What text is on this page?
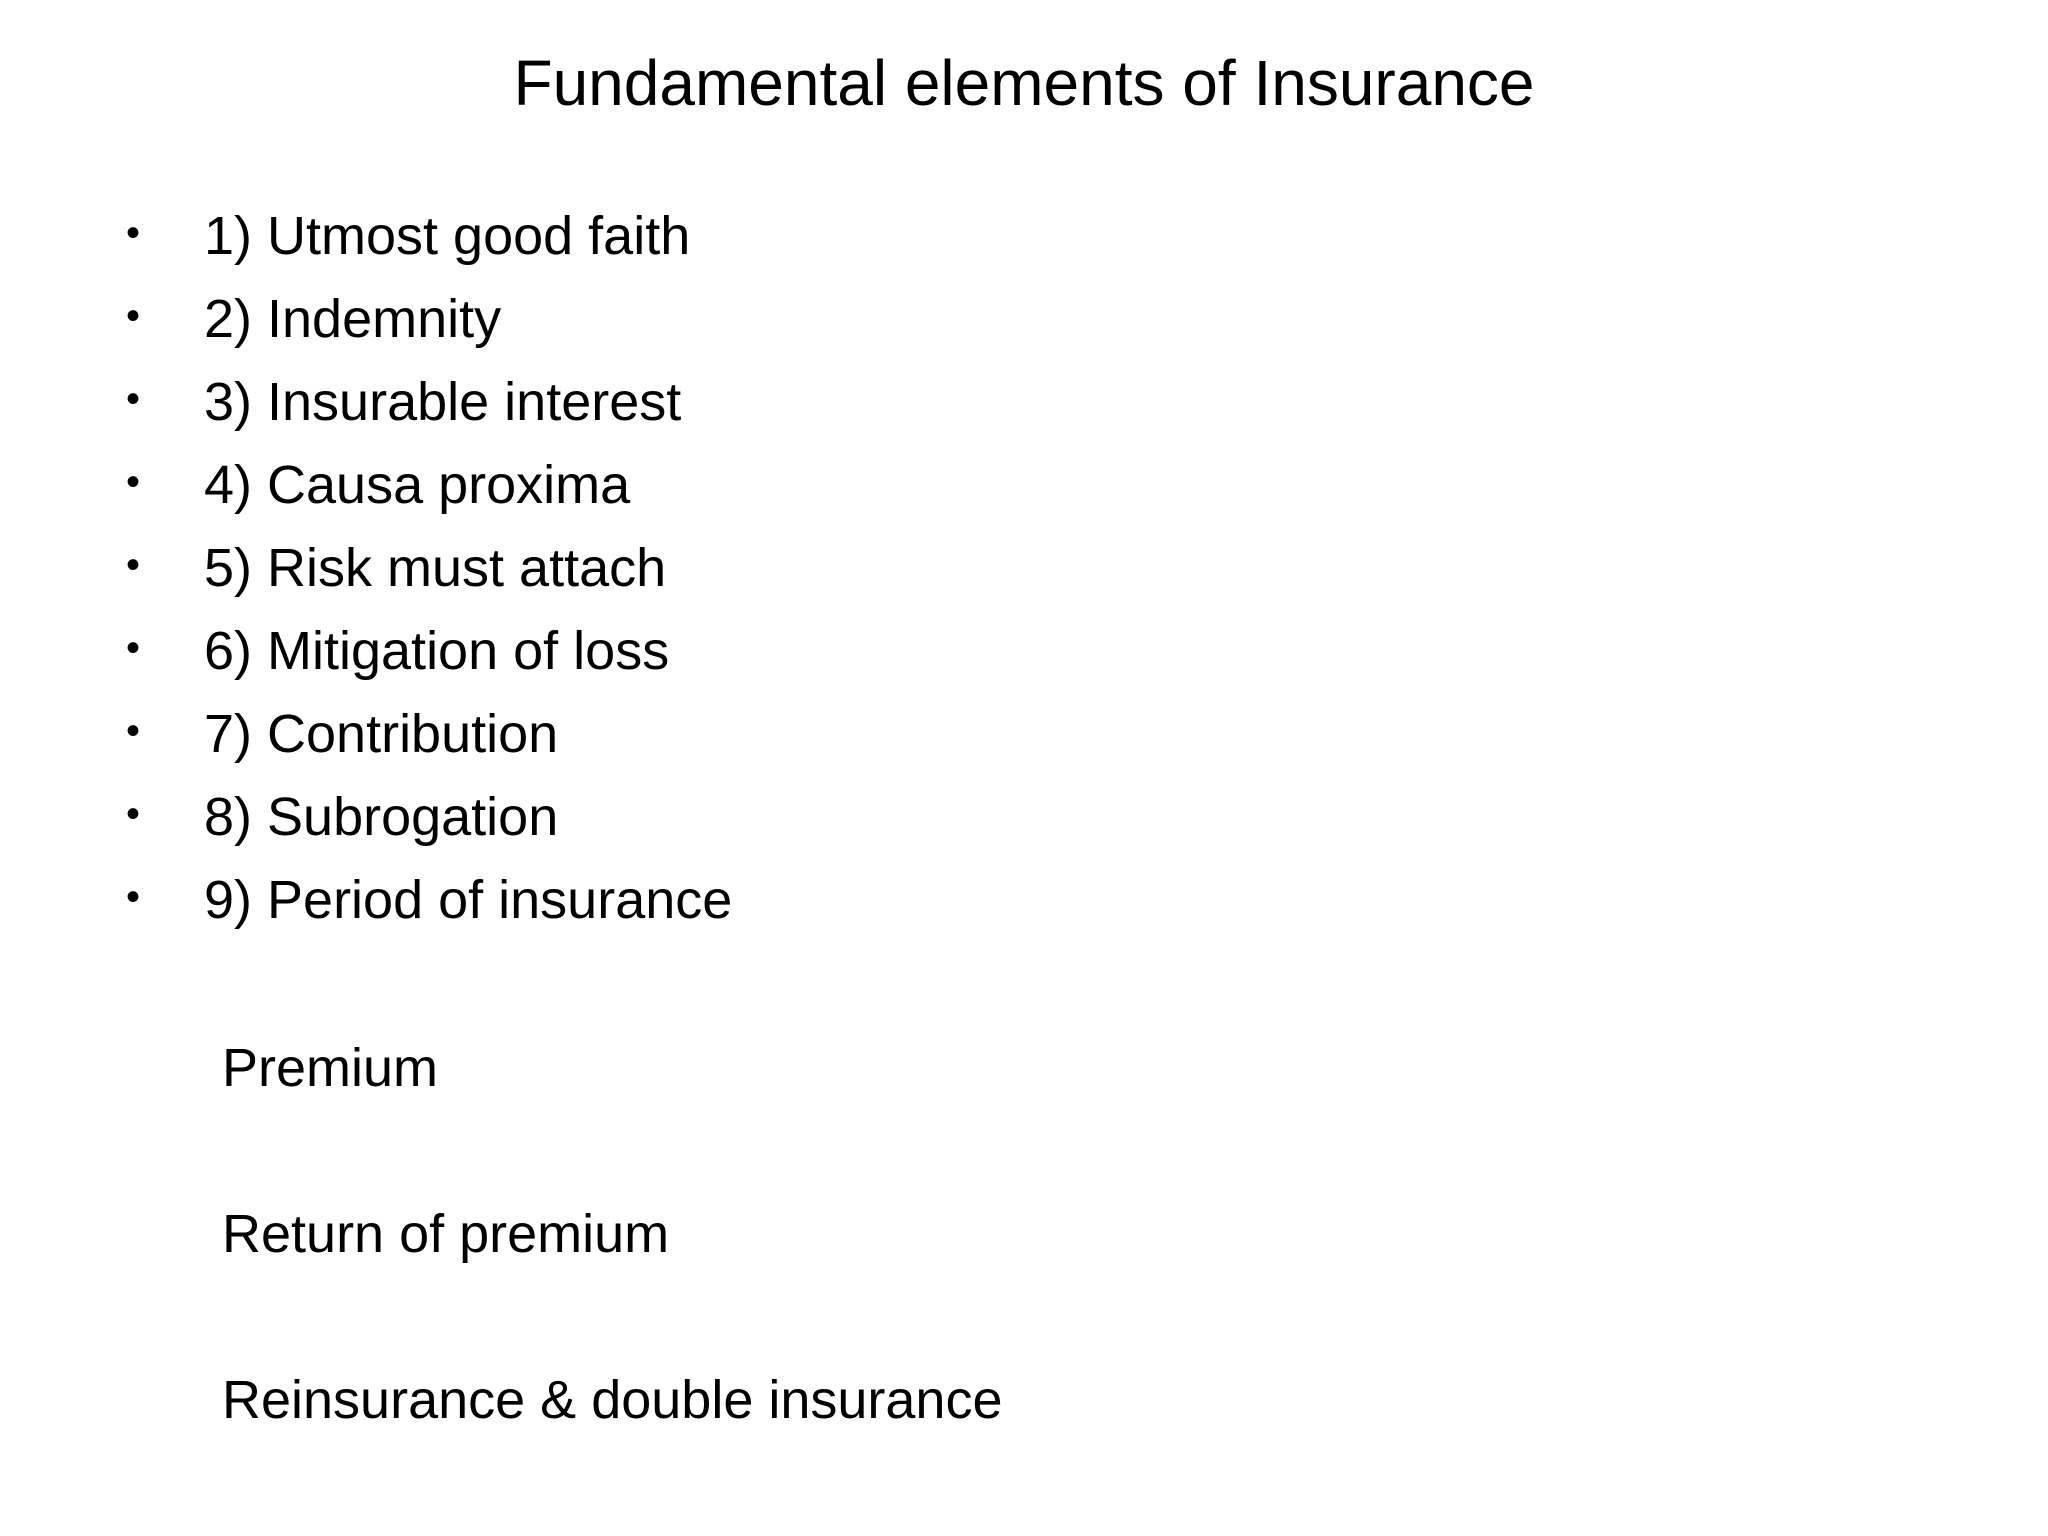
Fundamental elements of Insurance
• 1) Utmost good faith
• 2) Indemnity
• 3) Insurable interest
• 4) Causa proxima
• 5) Risk must attach
• 6) Mitigation of loss
• 7) Contribution
• 8) Subrogation
• 9) Period of insurance
Premium
Return of premium
Reinsurance & double insurance
